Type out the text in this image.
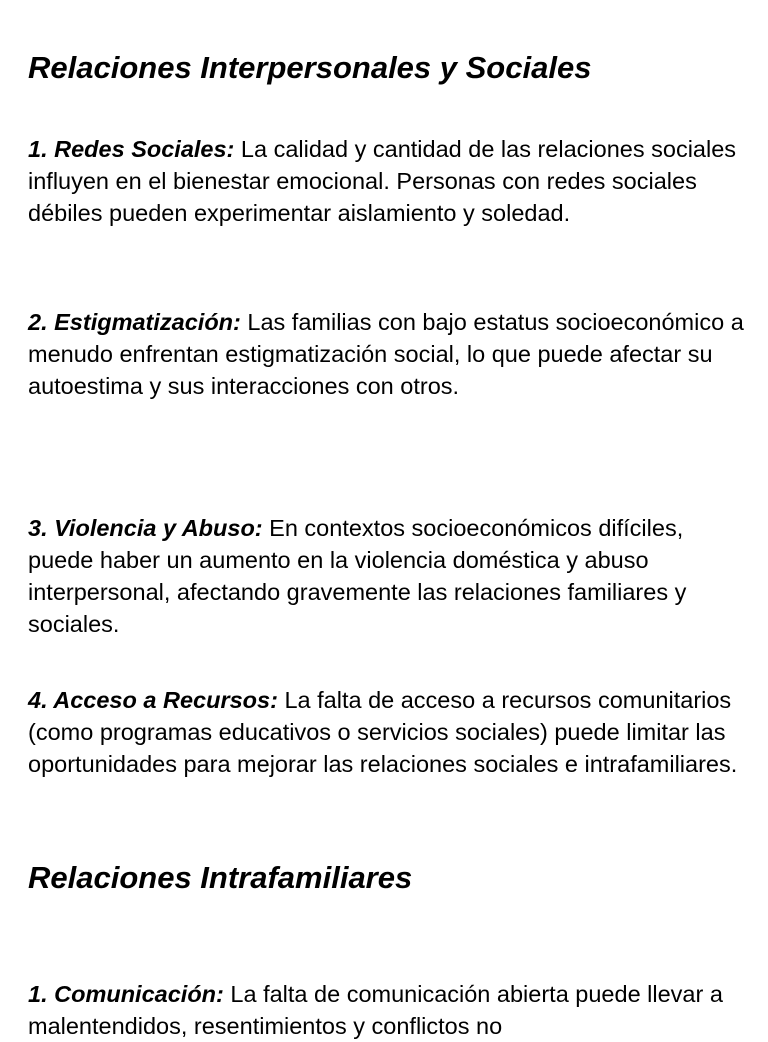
Relaciones Interpersonales y Sociales

1. Redes Sociales: La calidad y cantidad de las relaciones sociales influyen en el bienestar emocional. Personas con redes sociales débiles pueden experimentar aislamiento y soledad.

2. Estigmatización: Las familias con bajo estatus socioeconómico a menudo enfrentan estigmatización social, lo que puede afectar su autoestima y sus interacciones con otros.

3. Violencia y Abuso: En contextos socioeconómicos difíciles, puede haber un aumento en la violencia doméstica y abuso interpersonal, afectando gravemente las relaciones familiares y sociales.

4. Acceso a Recursos: La falta de acceso a recursos comunitarios (como programas educativos o servicios sociales) puede limitar las oportunidades para mejorar las relaciones sociales e intrafamiliares.

Relaciones Intrafamiliares

1. Comunicación: La falta de comunicación abierta puede llevar a malentendidos, resentimientos y conflictos no
